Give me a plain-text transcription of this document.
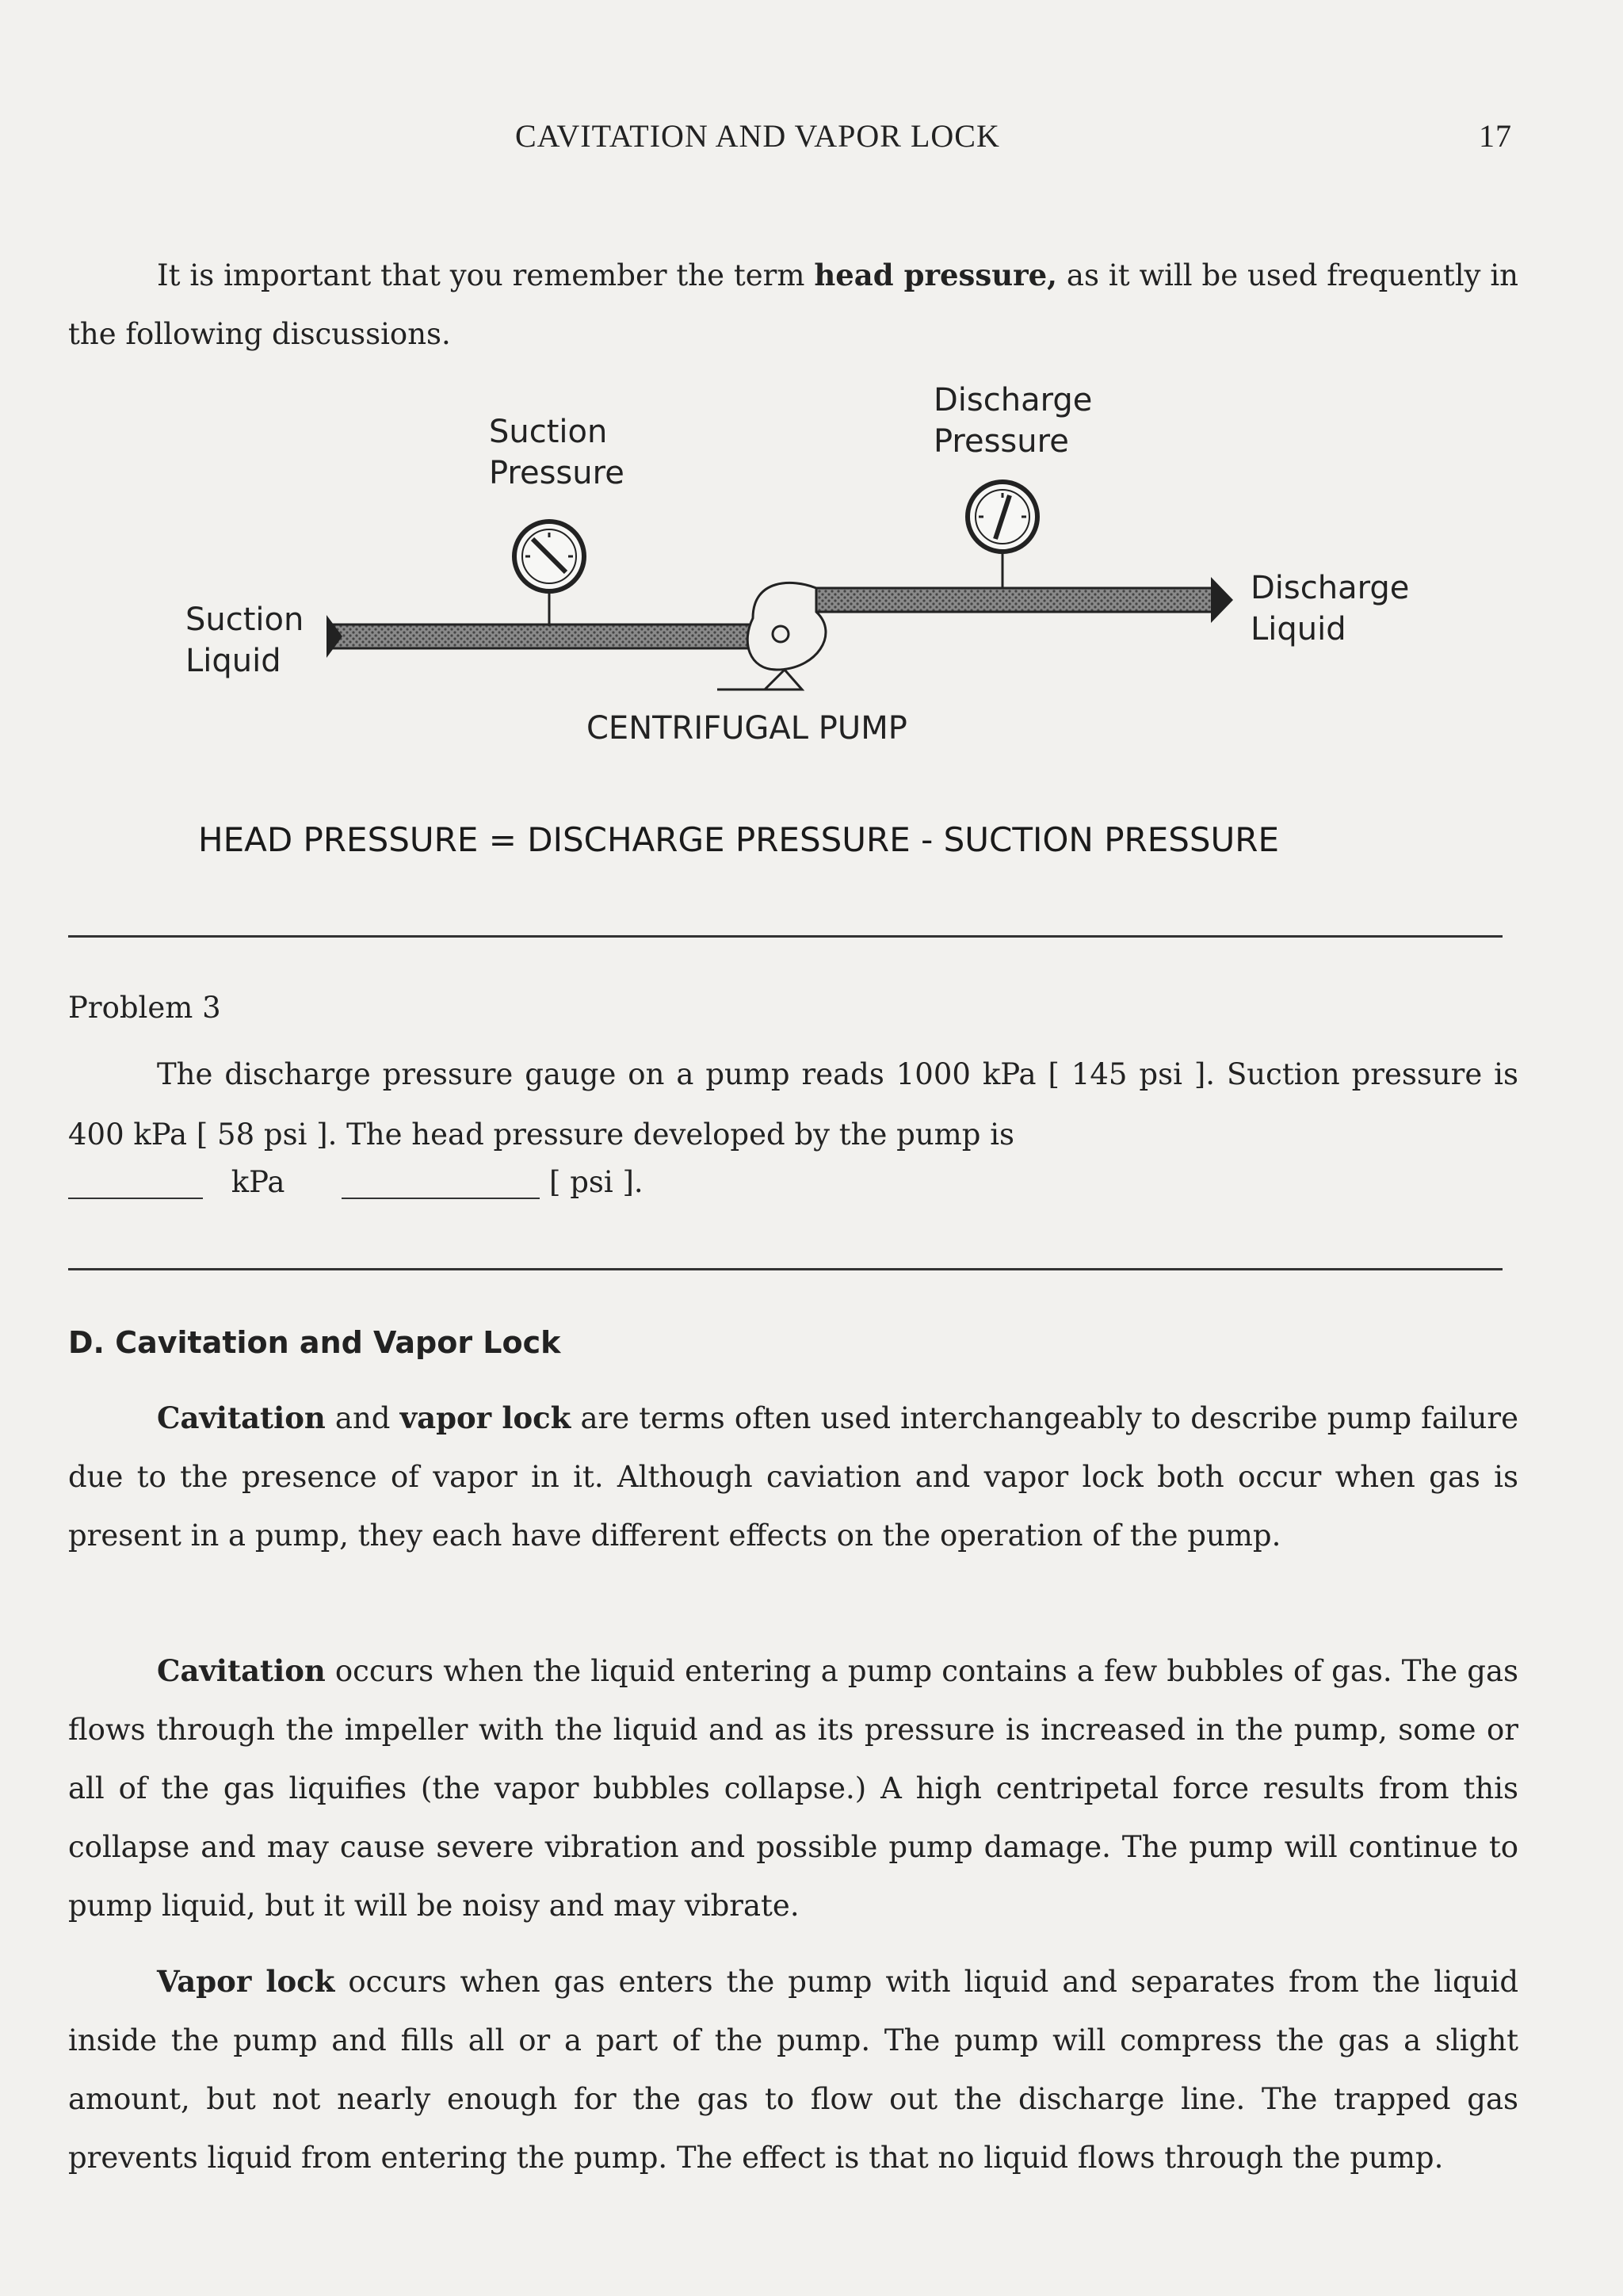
CAVITATION AND VAPOR LOCK	17

It is important that you remember the term head pressure, as it will be used frequently in the following discussions.

Suction
Pressure
Discharge
Pressure
Suction
Liquid
Discharge
Liquid
CENTRIFUGAL PUMP
HEAD PRESSURE = DISCHARGE PRESSURE - SUCTION PRESSURE
Problem 3

The discharge pressure gauge on a pump reads 1000 kPa [ 145 psi ]. Suction pressure is 400 kPa [ 58 psi ]. The head pressure developed by the pump is

kPa	[ psi ].
D. Cavitation and Vapor Lock

Cavitation and vapor lock are terms often used interchangeably to describe pump failure due to the presence of vapor in it. Although caviation and vapor lock both occur when gas is present in a pump, they each have different effects on the operation of the pump.

Cavitation occurs when the liquid entering a pump contains a few bubbles of gas. The gas flows through the impeller with the liquid and as its pressure is increased in the pump, some or all of the gas liquifies (the vapor bubbles collapse.) A high centripetal force results from this collapse and may cause severe vibration and possible pump damage. The pump will continue to pump liquid, but it will be noisy and may vibrate.

Vapor lock occurs when gas enters the pump with liquid and separates from the liquid inside the pump and fills all or a part of the pump. The pump will compress the gas a slight amount, but not nearly enough for the gas to flow out the discharge line. The trapped gas prevents liquid from entering the pump. The effect is that no liquid flows through the pump.
